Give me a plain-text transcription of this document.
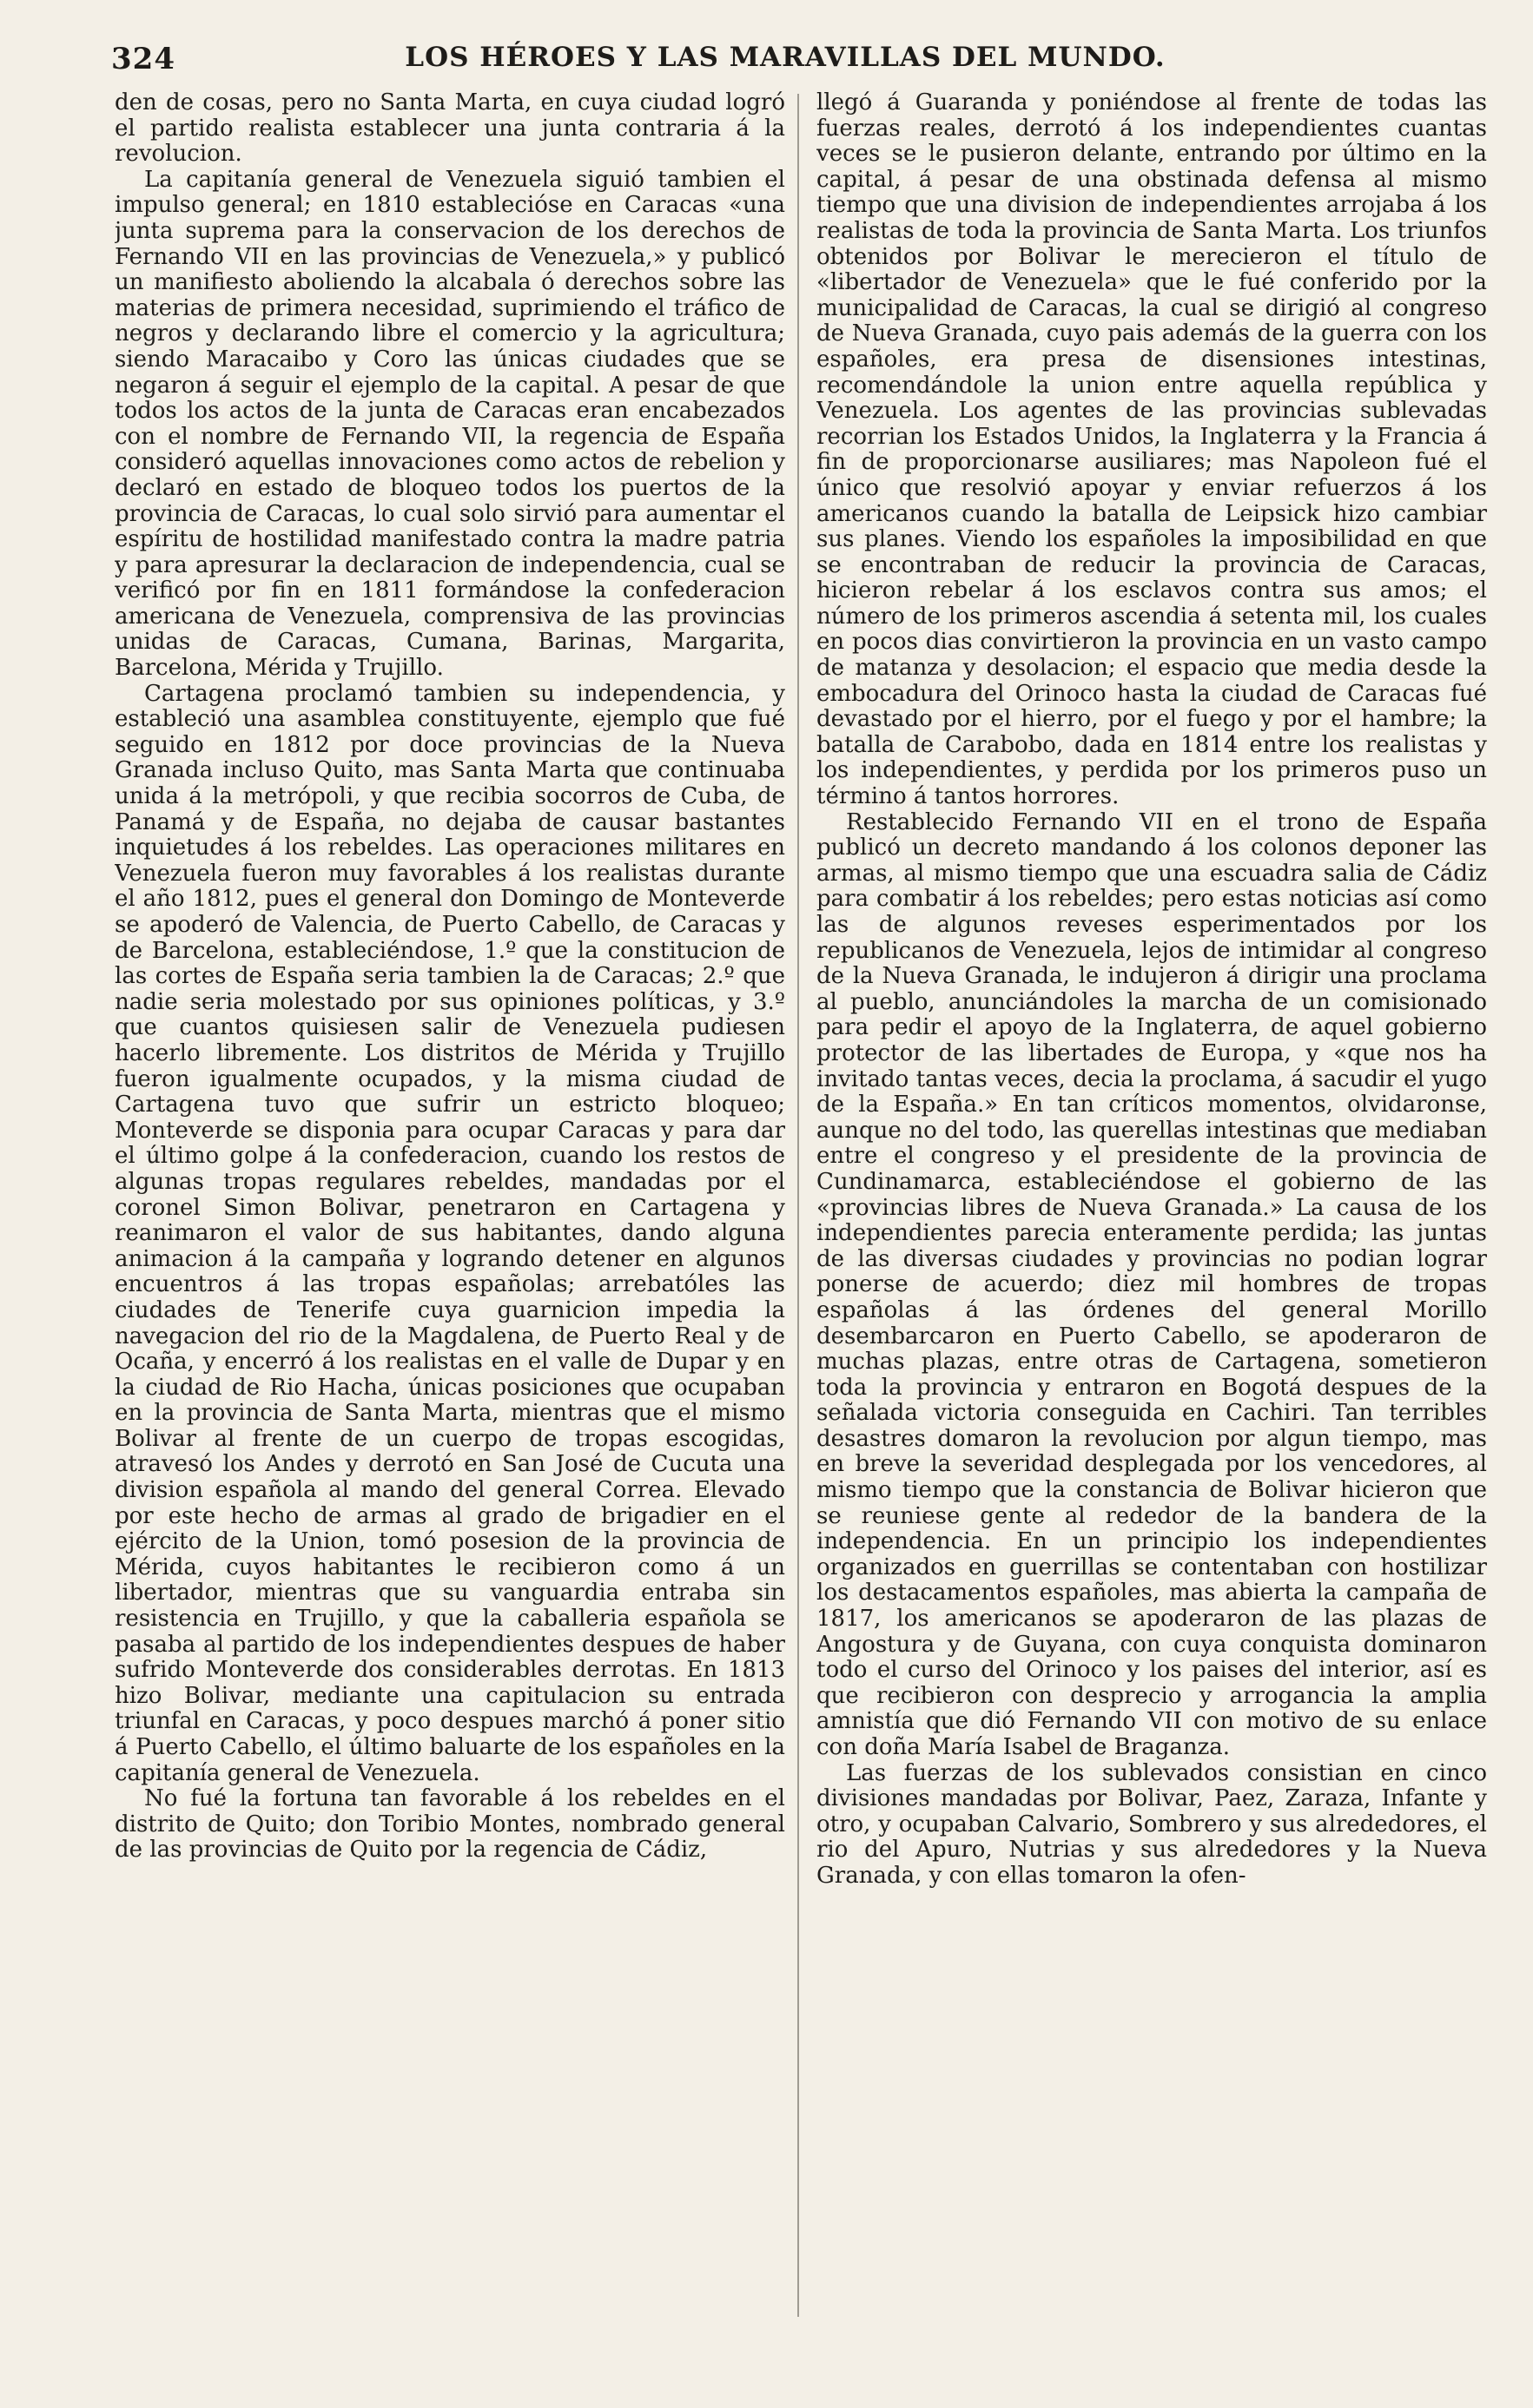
324	LOS HÉROES Y LAS MARAVILLAS DEL MUNDO.

den de cosas, pero no Santa Marta, en cuya ciudad logró el partido realista establecer una junta contraria á la revolucion.

La capitanía general de Venezuela siguió tambien el impulso general; en 1810 establecióse en Caracas «una junta suprema para la conservacion de los derechos de Fernando VII en las provincias de Venezuela,» y publicó un manifiesto aboliendo la alcabala ó derechos sobre las materias de primera necesidad, suprimiendo el tráfico de negros y declarando libre el comercio y la agricultura; siendo Maracaibo y Coro las únicas ciudades que se negaron á seguir el ejemplo de la capital. A pesar de que todos los actos de la junta de Caracas eran encabezados con el nombre de Fernando VII, la regencia de España consideró aquellas innovaciones como actos de rebelion y declaró en estado de bloqueo todos los puertos de la provincia de Caracas, lo cual solo sirvió para aumentar el espíritu de hostilidad manifestado contra la madre patria y para apresurar la declaracion de independencia, cual se verificó por fin en 1811 formándose la confederacion americana de Venezuela, comprensiva de las provincias unidas de Caracas, Cumana, Barinas, Margarita, Barcelona, Mérida y Trujillo.

Cartagena proclamó tambien su independencia, y estableció una asamblea constituyente, ejemplo que fué seguido en 1812 por doce provincias de la Nueva Granada incluso Quito, mas Santa Marta que continuaba unida á la metrópoli, y que recibia socorros de Cuba, de Panamá y de España, no dejaba de causar bastantes inquietudes á los rebeldes. Las operaciones militares en Venezuela fueron muy favorables á los realistas durante el año 1812, pues el general don Domingo de Monteverde se apoderó de Valencia, de Puerto Cabello, de Caracas y de Barcelona, estableciéndose, 1.º que la constitucion de las cortes de España seria tambien la de Caracas; 2.º que nadie seria molestado por sus opiniones políticas, y 3.º que cuantos quisiesen salir de Venezuela pudiesen hacerlo libremente. Los distritos de Mérida y Trujillo fueron igualmente ocupados, y la misma ciudad de Cartagena tuvo que sufrir un estricto bloqueo; Monteverde se disponia para ocupar Caracas y para dar el último golpe á la confederacion, cuando los restos de algunas tropas regulares rebeldes, mandadas por el coronel Simon Bolivar, penetraron en Cartagena y reanimaron el valor de sus habitantes, dando alguna animacion á la campaña y logrando detener en algunos encuentros á las tropas españolas; arrebatóles las ciudades de Tenerife cuya guarnicion impedia la navegacion del rio de la Magdalena, de Puerto Real y de Ocaña, y encerró á los realistas en el valle de Dupar y en la ciudad de Rio Hacha, únicas posiciones que ocupaban en la provincia de Santa Marta, mientras que el mismo Bolivar al frente de un cuerpo de tropas escogidas, atravesó los Andes y derrotó en San José de Cucuta una division española al mando del general Correa. Elevado por este hecho de armas al grado de brigadier en el ejército de la Union, tomó posesion de la provincia de Mérida, cuyos habitantes le recibieron como á un libertador, mientras que su vanguardia entraba sin resistencia en Trujillo, y que la caballeria española se pasaba al partido de los independientes despues de haber sufrido Monteverde dos considerables derrotas. En 1813 hizo Bolivar, mediante una capitulacion su entrada triunfal en Caracas, y poco despues marchó á poner sitio á Puerto Cabello, el último baluarte de los españoles en la capitanía general de Venezuela.

No fué la fortuna tan favorable á los rebeldes en el distrito de Quito; don Toribio Montes, nombrado general de las provincias de Quito por la regencia de Cádiz,

llegó á Guaranda y poniéndose al frente de todas las fuerzas reales, derrotó á los independientes cuantas veces se le pusieron delante, entrando por último en la capital, á pesar de una obstinada defensa al mismo tiempo que una division de independientes arrojaba á los realistas de toda la provincia de Santa Marta. Los triunfos obtenidos por Bolivar le merecieron el título de «libertador de Venezuela» que le fué conferido por la municipalidad de Caracas, la cual se dirigió al congreso de Nueva Granada, cuyo pais además de la guerra con los españoles, era presa de disensiones intestinas, recomendándole la union entre aquella república y Venezuela. Los agentes de las provincias sublevadas recorrian los Estados Unidos, la Inglaterra y la Francia á fin de proporcionarse ausiliares; mas Napoleon fué el único que resolvió apoyar y enviar refuerzos á los americanos cuando la batalla de Leipsick hizo cambiar sus planes. Viendo los españoles la imposibilidad en que se encontraban de reducir la provincia de Caracas, hicieron rebelar á los esclavos contra sus amos; el número de los primeros ascendia á setenta mil, los cuales en pocos dias convirtieron la provincia en un vasto campo de matanza y desolacion; el espacio que media desde la embocadura del Orinoco hasta la ciudad de Caracas fué devastado por el hierro, por el fuego y por el hambre; la batalla de Carabobo, dada en 1814 entre los realistas y los independientes, y perdida por los primeros puso un término á tantos horrores.

Restablecido Fernando VII en el trono de España publicó un decreto mandando á los colonos deponer las armas, al mismo tiempo que una escuadra salia de Cádiz para combatir á los rebeldes; pero estas noticias así como las de algunos reveses esperimentados por los republicanos de Venezuela, lejos de intimidar al congreso de la Nueva Granada, le indujeron á dirigir una proclama al pueblo, anunciándoles la marcha de un comisionado para pedir el apoyo de la Inglaterra, de aquel gobierno protector de las libertades de Europa, y «que nos ha invitado tantas veces, decia la proclama, á sacudir el yugo de la España.» En tan críticos momentos, olvidaronse, aunque no del todo, las querellas intestinas que mediaban entre el congreso y el presidente de la provincia de Cundinamarca, estableciéndose el gobierno de las «provincias libres de Nueva Granada.» La causa de los independientes parecia enteramente perdida; las juntas de las diversas ciudades y provincias no podian lograr ponerse de acuerdo; diez mil hombres de tropas españolas á las órdenes del general Morillo desembarcaron en Puerto Cabello, se apoderaron de muchas plazas, entre otras de Cartagena, sometieron toda la provincia y entraron en Bogotá despues de la señalada victoria conseguida en Cachiri. Tan terribles desastres domaron la revolucion por algun tiempo, mas en breve la severidad desplegada por los vencedores, al mismo tiempo que la constancia de Bolivar hicieron que se reuniese gente al rededor de la bandera de la independencia. En un principio los independientes organizados en guerrillas se contentaban con hostilizar los destacamentos españoles, mas abierta la campaña de 1817, los americanos se apoderaron de las plazas de Angostura y de Guyana, con cuya conquista dominaron todo el curso del Orinoco y los paises del interior, así es que recibieron con desprecio y arrogancia la amplia amnistía que dió Fernando VII con motivo de su enlace con doña María Isabel de Braganza.

Las fuerzas de los sublevados consistian en cinco divisiones mandadas por Bolivar, Paez, Zaraza, Infante y otro, y ocupaban Calvario, Sombrero y sus alrededores, el rio del Apuro, Nutrias y sus alrededores y la Nueva Granada, y con ellas tomaron la ofen-
